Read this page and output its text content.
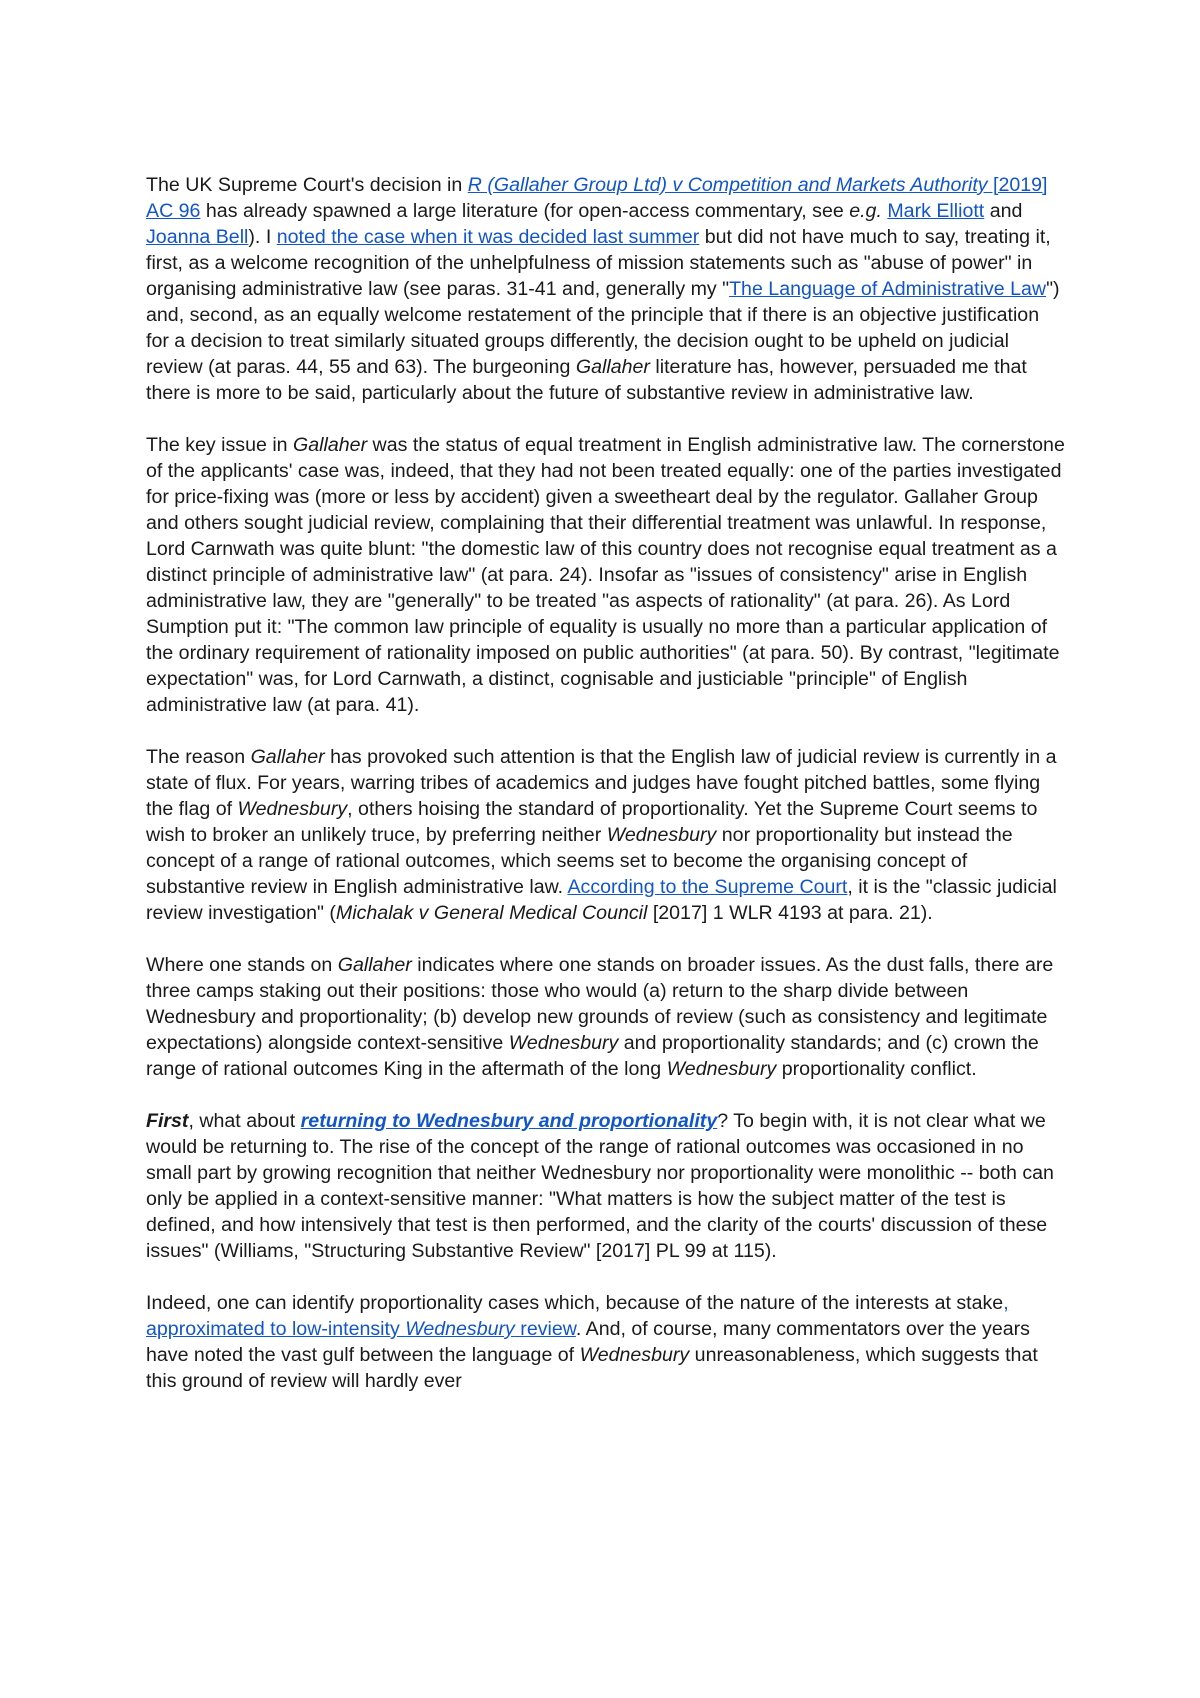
The UK Supreme Court's decision in R (Gallaher Group Ltd) v Competition and Markets Authority [2019] AC 96 has already spawned a large literature (for open-access commentary, see e.g. Mark Elliott and Joanna Bell). I noted the case when it was decided last summer but did not have much to say, treating it, first, as a welcome recognition of the unhelpfulness of mission statements such as "abuse of power" in organising administrative law (see paras. 31-41 and, generally my "The Language of Administrative Law") and, second, as an equally welcome restatement of the principle that if there is an objective justification for a decision to treat similarly situated groups differently, the decision ought to be upheld on judicial review (at paras. 44, 55 and 63). The burgeoning Gallaher literature has, however, persuaded me that there is more to be said, particularly about the future of substantive review in administrative law.

The key issue in Gallaher was the status of equal treatment in English administrative law. The cornerstone of the applicants' case was, indeed, that they had not been treated equally: one of the parties investigated for price-fixing was (more or less by accident) given a sweetheart deal by the regulator. Gallaher Group and others sought judicial review, complaining that their differential treatment was unlawful. In response, Lord Carnwath was quite blunt: "the domestic law of this country does not recognise equal treatment as a distinct principle of administrative law" (at para. 24). Insofar as "issues of consistency" arise in English administrative law, they are "generally" to be treated "as aspects of rationality" (at para. 26). As Lord Sumption put it: "The common law principle of equality is usually no more than a particular application of the ordinary requirement of rationality imposed on public authorities" (at para. 50). By contrast, "legitimate expectation" was, for Lord Carnwath, a distinct, cognisable and justiciable "principle" of English administrative law (at para. 41).

The reason Gallaher has provoked such attention is that the English law of judicial review is currently in a state of flux. For years, warring tribes of academics and judges have fought pitched battles, some flying the flag of Wednesbury, others hoising the standard of proportionality. Yet the Supreme Court seems to wish to broker an unlikely truce, by preferring neither Wednesbury nor proportionality but instead the concept of a range of rational outcomes, which seems set to become the organising concept of substantive review in English administrative law. According to the Supreme Court, it is the "classic judicial review investigation" (Michalak v General Medical Council [2017] 1 WLR 4193 at para. 21).

Where one stands on Gallaher indicates where one stands on broader issues. As the dust falls, there are three camps staking out their positions: those who would (a) return to the sharp divide between Wednesbury and proportionality; (b) develop new grounds of review (such as consistency and legitimate expectations) alongside context-sensitive Wednesbury and proportionality standards; and (c) crown the range of rational outcomes King in the aftermath of the long Wednesbury proportionality conflict.

First, what about returning to Wednesbury and proportionality? To begin with, it is not clear what we would be returning to. The rise of the concept of the range of rational outcomes was occasioned in no small part by growing recognition that neither Wednesbury nor proportionality were monolithic -- both can only be applied in a context-sensitive manner: "What matters is how the subject matter of the test is defined, and how intensively that test is then performed, and the clarity of the courts' discussion of these issues" (Williams, "Structuring Substantive Review" [2017] PL 99 at 115).

Indeed, one can identify proportionality cases which, because of the nature of the interests at stake, approximated to low-intensity Wednesbury review. And, of course, many commentators over the years have noted the vast gulf between the language of Wednesbury unreasonableness, which suggests that this ground of review will hardly ever
